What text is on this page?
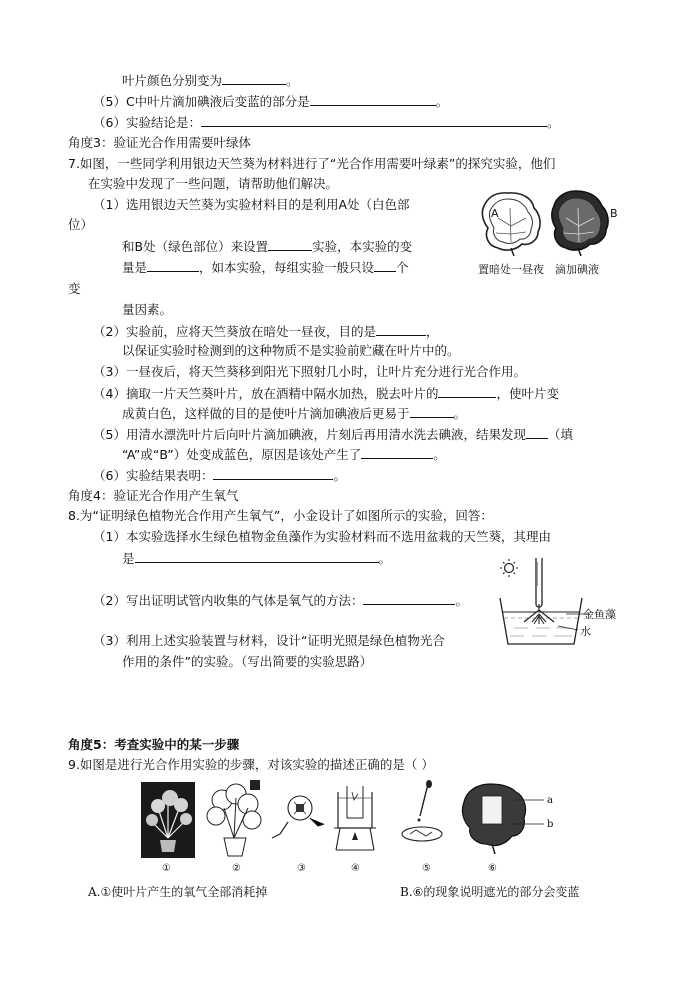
叶片颜色分别变为	。
（5）C中叶片滴加碘液后变蓝的部分是	。
（6）实验结论是：	。
角度3：验证光合作用需要叶绿体
7.如图，一些同学利用银边天竺葵为材料进行了“光合作用需要叶绿素”的探究实验，他们
在实验中发现了一些问题，请帮助他们解决。
（1）选用银边天竺葵为实验材料目的是利用A处（白色部
位）
和B处（绿色部位）来设置	实验，本实验的变
量是	，如本实验，每组实验一般只设 个
变
量因素。
A	B
置暗处一昼夜 滴加碘液
（2）实验前，应将天竺葵放在暗处一昼夜，目的是	，
以保证实验时检测到的这种物质不是实验前贮藏在叶片中的。
（3）一昼夜后，将天竺葵移到阳光下照射几小时，让叶片充分进行光合作用。
（4）摘取一片天竺葵叶片，放在酒精中隔水加热，脱去叶片的	，使叶片变
成黄白色，这样做的目的是使叶片滴加碘液后更易于	。
（5）用清水漂洗叶片后向叶片滴加碘液，片刻后再用清水洗去碘液，结果发现 （填
“A”或“B”）处变成蓝色，原因是该处产生了	。
（6）实验结果表明：	。
角度4：验证光合作用产生氧气
8.为“证明绿色植物光合作用产生氧气”，小金设计了如图所示的实验，回答：
（1）本实验选择水生绿色植物金鱼藻作为实验材料而不选用盆栽的天竺葵，其理由
是	。
（2）写出证明试管内收集的气体是氧气的方法：	。
（3）利用上述实验装置与材料，设计“证明光照是绿色植物光合
作用的条件”的实验。（写出简要的实验思路）
金鱼藻
水
角度5：考查实验中的某一步骤
9.如图是进行光合作用实验的步骤，对该实验的描述正确的是（ ）
a
b
①	②	③	④	⑤	⑥
A.①使叶片产生的氧气全部消耗掉	B.⑥的现象说明遮光的部分会变蓝
